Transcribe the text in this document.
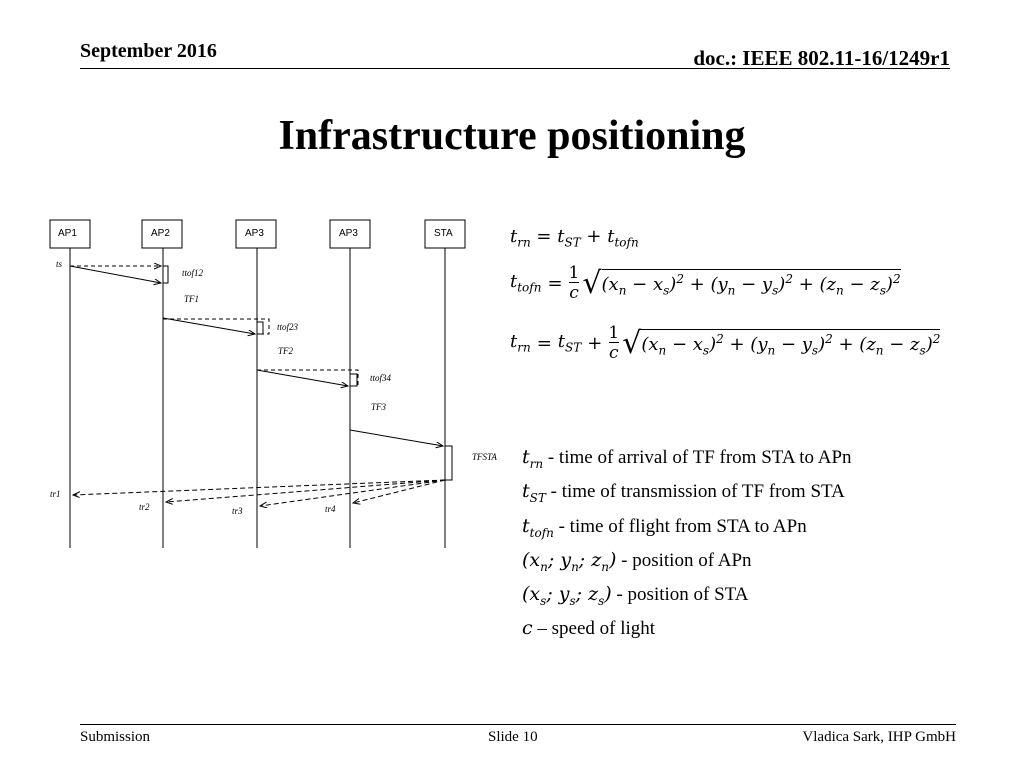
September 2016	doc.: IEEE 802.11-16/1249r1
Infrastructure positioning
AP1	AP2	AP3	AP3	STA
ts
ttof12
TF1
ttof23
TF2
ttof34
TF3
TFSTA
tr1
tr2	tr3	tr4
$t_{rn} = t_{ST} + t_{tofn}$
$t_{tofn} = \frac{1}{c}$ √ $(x_n - x_s)^2 + (y_n - y_s)^2 + (z_n - z_s)^2$
$t_{rn} = t_{ST} + \frac{1}{c}$ √ $(x_n - x_s)^2 + (y_n - y_s)^2 + (z_n - z_s)^2$
$t_{rn}$ - time of arrival of TF from STA to APn
$t_{ST}$ - time of transmission of TF from STA
$t_{tofn}$ - time of flight from STA to APn
($x_n$; $y_n$; $z_n$) - position of APn
($x_s$; $y_s$; $z_s$) - position of STA
c – speed of light
Submission	Slide 10	Vladica Sark, IHP GmbH
